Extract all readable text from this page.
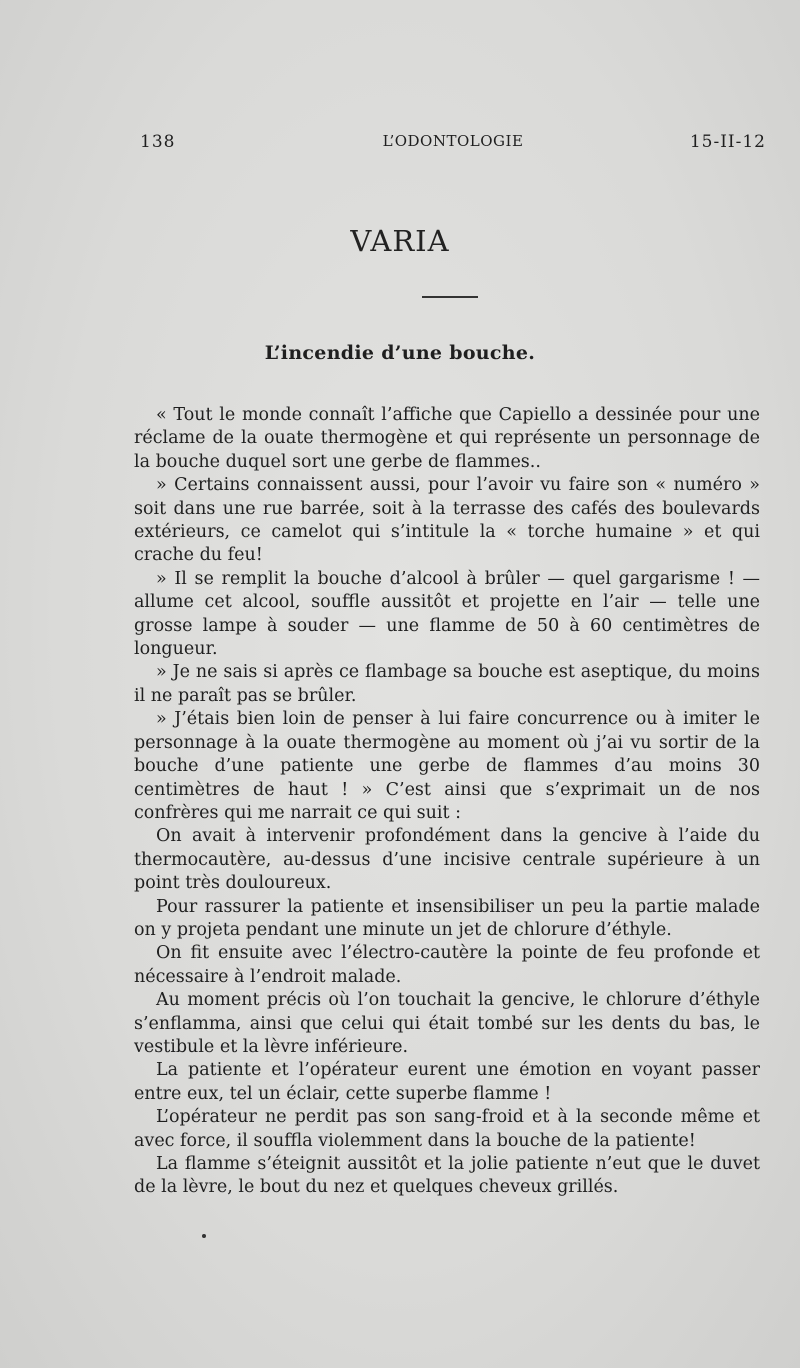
138	L’ODONTOLOGIE	15-II-12
VARIA
L’incendie d’une bouche.

« Tout le monde connaît l’affiche que Capiello a dessinée pour une réclame de la ouate thermogène et qui représente un personnage de la bouche duquel sort une gerbe de flammes..

» Certains connaissent aussi, pour l’avoir vu faire son « numéro » soit dans une rue barrée, soit à la terrasse des cafés des boulevards extérieurs, ce camelot qui s’intitule la « torche humaine » et qui crache du feu!

» Il se remplit la bouche d’alcool à brûler — quel gargarisme ! — allume cet alcool, souffle aussitôt et projette en l’air — telle une grosse lampe à souder — une flamme de 50 à 60 centimètres de longueur.

» Je ne sais si après ce flambage sa bouche est aseptique, du moins il ne paraît pas se brûler.

» J’étais bien loin de penser à lui faire concurrence ou à imiter le personnage à la ouate thermogène au moment où j’ai vu sortir de la bouche d’une patiente une gerbe de flammes d’au moins 30 centimètres de haut ! » C’est ainsi que s’exprimait un de nos confrères qui me narrait ce qui suit :

On avait à intervenir profondément dans la gencive à l’aide du thermocautère, au-dessus d’une incisive centrale supérieure à un point très douloureux.

Pour rassurer la patiente et insensibiliser un peu la partie malade on y projeta pendant une minute un jet de chlorure d’éthyle.

On fit ensuite avec l’électro-cautère la pointe de feu profonde et nécessaire à l’endroit malade.

Au moment précis où l’on touchait la gencive, le chlorure d’éthyle s’enflamma, ainsi que celui qui était tombé sur les dents du bas, le vestibule et la lèvre inférieure.

La patiente et l’opérateur eurent une émotion en voyant passer entre eux, tel un éclair, cette superbe flamme !

L’opérateur ne perdit pas son sang-froid et à la seconde même et avec force, il souffla violemment dans la bouche de la patiente!

La flamme s’éteignit aussitôt et la jolie patiente n’eut que le duvet de la lèvre, le bout du nez et quelques cheveux grillés.
